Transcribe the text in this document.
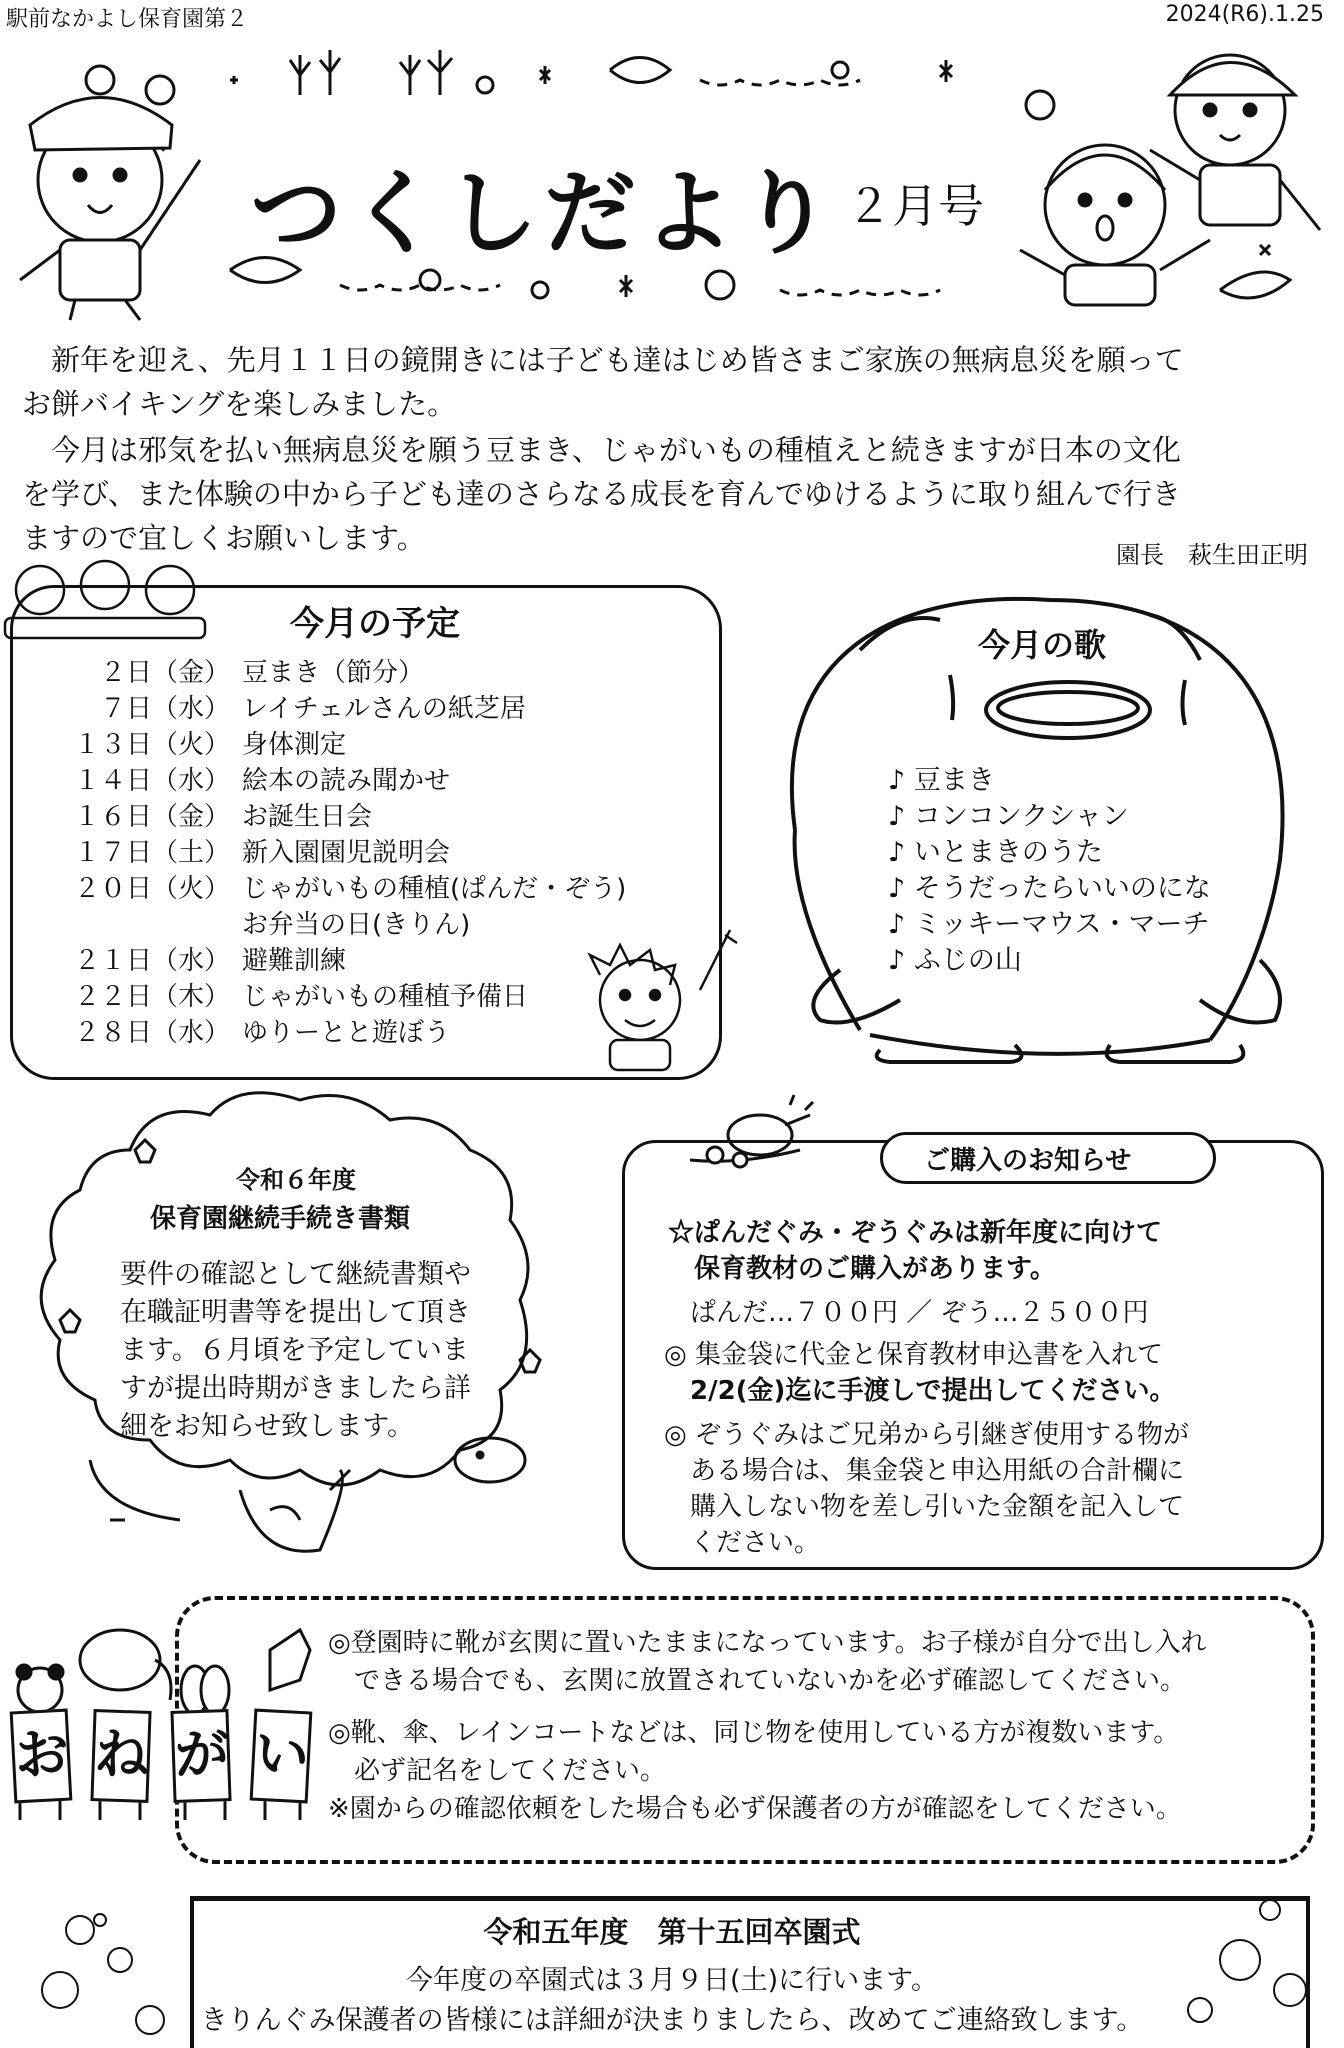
駅前なかよし保育園第２	2024(R6).1.25
つくしだより ２月号

　新年を迎え、先月１１日の鏡開きには子ども達はじめ皆さまご家族の無病息災を願って

お餅バイキングを楽しみました。

　今月は邪気を払い無病息災を願う豆まき、じゃがいもの種植えと続きますが日本の文化

を学び、また体験の中から子ども達のさらなる成長を育んでゆけるように取り組んで行き

ますので宜しくお願いします。	園長　萩生田正明
今月の予定
２日（金） 豆まき（節分）
７日（水） レイチェルさんの紙芝居
１３日（火） 身体測定
１４日（水） 絵本の読み聞かせ
１６日（金） お誕生日会
１７日（土） 新入園園児説明会
２０日（火） じゃがいもの種植(ぱんだ・ぞう)
お弁当の日(きりん)
２１日（水） 避難訓練
２２日（木） じゃがいもの種植予備日
２８日（水） ゆりーとと遊ぼう
今月の歌
♪ 豆まき
♪ コンコンクシャン
♪ いとまきのうた
♪ そうだったらいいのにな
♪ ミッキーマウス・マーチ
♪ ふじの山
令和６年度
保育園継続手続き書類
要件の確認として継続書類や
在職証明書等を提出して頂き
ます。６月頃を予定していま
すが提出時期がきましたら詳
細をお知らせ致します。
ご購入のお知らせ
☆ぱんだぐみ・ぞうぐみは新年度に向けて
　保育教材のご購入があります。
ぱんだ…７００円 ／ ぞう…２５００円
◎ 集金袋に代金と保育教材申込書を入れて
　2/2(金)迄に手渡しで提出してください。
◎ ぞうぐみはご兄弟から引継ぎ使用する物が
　ある場合は、集金袋と申込用紙の合計欄に
　購入しない物を差し引いた金額を記入して
　ください。
お ね が い
◎登園時に靴が玄関に置いたままになっています。お子様が自分で出し入れ
　できる場合でも、玄関に放置されていないかを必ず確認してください。
◎靴、傘、レインコートなどは、同じ物を使用している方が複数います。
　必ず記名をしてください。
※園からの確認依頼をした場合も必ず保護者の方が確認をしてください。
令和五年度　第十五回卒園式
今年度の卒園式は３月９日(土)に行います。
きりんぐみ保護者の皆様には詳細が決まりましたら、改めてご連絡致します。
